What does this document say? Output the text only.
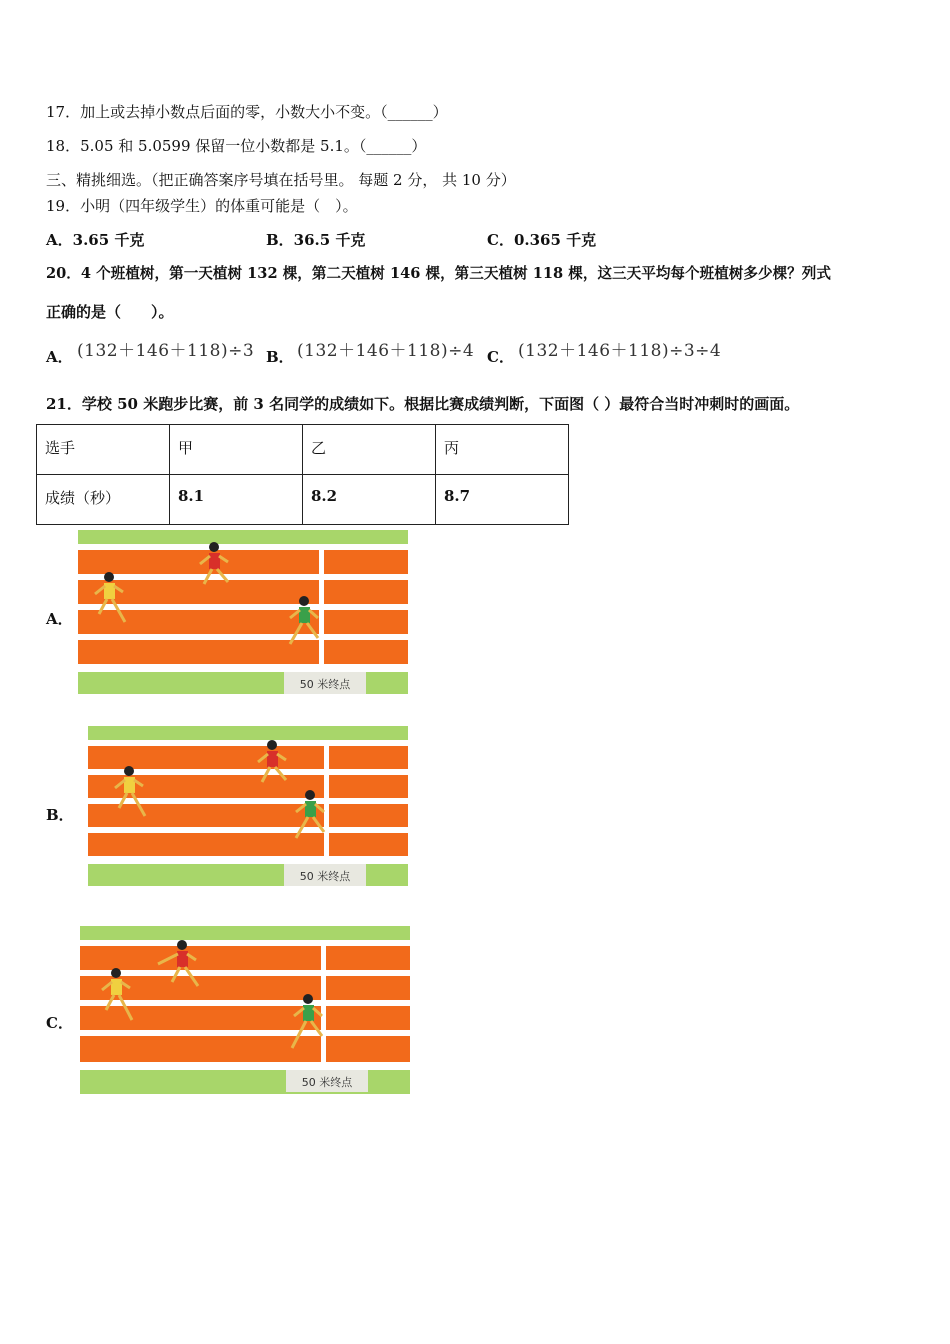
17．加上或去掉小数点后面的零，小数大小不变。（______）
18．5.05 和 5.0599 保留一位小数都是 5.1。（______）
三、精挑细选。（把正确答案序号填在括号里。 每题 2 分， 共 10 分）
19．小明（四年级学生）的体重可能是（　）。
A．3.65 千克	B．36.5 千克	C．0.365 千克
20．4 个班植树，第一天植树 132 棵，第二天植树 146 棵，第三天植树 118 棵，这三天平均每个班植树多少棵？列式
正确的是（　　）。
A． (132＋146＋118)÷3 B． (132＋146＋118)÷4 C． (132＋146＋118)÷3÷4
21．学校 50 米跑步比赛，前 3 名同学的成绩如下。根据比赛成绩判断，下面图（ ）最符合当时冲刺时的画面。
选手	甲	乙	丙
成绩（秒）	8.1	8.2	8.7
A．
50 米终点
B．
50 米终点
C．
50 米终点
